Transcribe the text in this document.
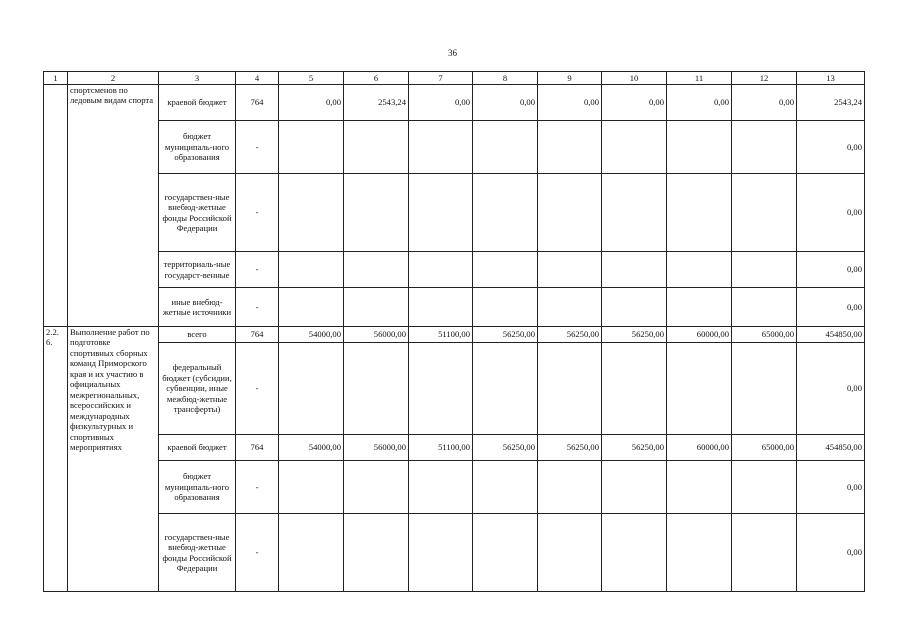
36
1	2	3	4	5	6	7	8	9	10	11	12	13
	спортсменов по ледовым видам спорта	краевой бюджет	764	0,00	2543,24	0,00	0,00	0,00	0,00	0,00	0,00	2543,24
		бюджет муниципаль-ного образования	-									0,00
		государствен-ные внебюд-жетные фонды Российской Федерации	-									0,00
		территориаль-ные государст-венные	-									0,00
		иные внебюд-жетные источники	-									0,00
2.2. 6.	Выполнение работ по подготовке спортивных сборных команд Приморского края и их участию в официальных межрегиональных, всероссийских и международных физкультурных и спортивных мероприятиях	всего	764	54000,00	56000,00	51100,00	56250,00	56250,00	56250,00	60000,00	65000,00	454850,00
		федеральный бюджет (субсидии, субвенции, иные межбюд-жетные трансферты)	-									0,00
		краевой бюджет	764	54000,00	56000,00	51100,00	56250,00	56250,00	56250,00	60000,00	65000,00	454850,00
		бюджет муниципаль-ного образования	-									0,00
		государствен-ные внебюд-жетные фонды Российской Федерации	-									0,00
